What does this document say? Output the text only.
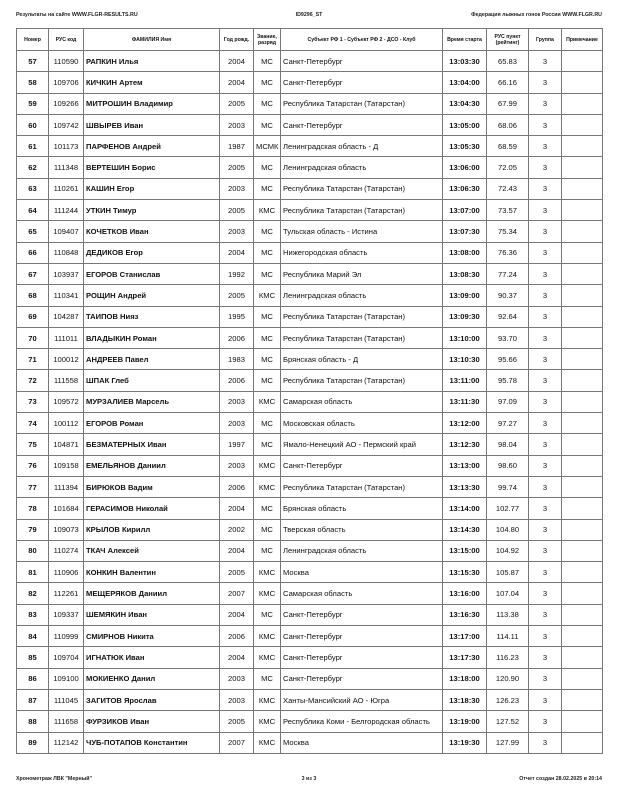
Результаты на сайте WWW.FLGR-RESULTS.RU	ID9296_ST	Федерация лыжных гонок России WWW.FLGR.RU
Номер	РУС код	ФАМИЛИЯ Имя	Год рожд.	Звание, разряд	Субъект РФ 1 - Субъект РФ 2 - ДСО - Клуб	Время старта	РУС пункт (рейтинг)	Группа	Примечание
57	110590	РАПКИН Илья	2004	МС	Санкт-Петербург	13:03:30	65.83	3	
58	109706	КИЧКИН Артем	2004	МС	Санкт-Петербург	13:04:00	66.16	3	
59	109266	МИТРОШИН Владимир	2005	МС	Республика Татарстан (Татарстан)	13:04:30	67.99	3	
60	109742	ШВЫРЕВ Иван	2003	МС	Санкт-Петербург	13:05:00	68.06	3	
61	101173	ПАРФЕНОВ Андрей	1987	МСМК	Ленинградская область - Д	13:05:30	68.59	3	
62	111348	ВЕРТЕШИН Борис	2005	МС	Ленинградская область	13:06:00	72.05	3	
63	110261	КАШИН Егор	2003	МС	Республика Татарстан (Татарстан)	13:06:30	72.43	3	
64	111244	УТКИН Тимур	2005	КМС	Республика Татарстан (Татарстан)	13:07:00	73.57	3	
65	109407	КОЧЕТКОВ Иван	2003	МС	Тульская область - Истина	13:07:30	75.34	3	
66	110848	ДЕДИКОВ Егор	2004	МС	Нижегородская область	13:08:00	76.36	3	
67	103937	ЕГОРОВ Станислав	1992	МС	Республика Марий Эл	13:08:30	77.24	3	
68	110341	РОЩИН Андрей	2005	КМС	Ленинградская область	13:09:00	90.37	3	
69	104287	ТАИПОВ Нияз	1995	МС	Республика Татарстан (Татарстан)	13:09:30	92.64	3	
70	111011	ВЛАДЫКИН Роман	2006	МС	Республика Татарстан (Татарстан)	13:10:00	93.70	3	
71	100012	АНДРЕЕВ Павел	1983	МС	Брянская область - Д	13:10:30	95.66	3	
72	111558	ШПАК Глеб	2006	МС	Республика Татарстан (Татарстан)	13:11:00	95.78	3	
73	109572	МУРЗАЛИЕВ Марсель	2003	КМС	Самарская область	13:11:30	97.09	3	
74	100112	ЕГОРОВ Роман	2003	МС	Московская область	13:12:00	97.27	3	
75	104871	БЕЗМАТЕРНЫХ Иван	1997	МС	Ямало-Ненецкий АО - Пермский край	13:12:30	98.04	3	
76	109158	ЕМЕЛЬЯНОВ Даниил	2003	КМС	Санкт-Петербург	13:13:00	98.60	3	
77	111394	БИРЮКОВ Вадим	2006	КМС	Республика Татарстан (Татарстан)	13:13:30	99.74	3	
78	101684	ГЕРАСИМОВ Николай	2004	МС	Брянская область	13:14:00	102.77	3	
79	109073	КРЫЛОВ Кирилл	2002	МС	Тверская область	13:14:30	104.80	3	
80	110274	ТКАЧ Алексей	2004	МС	Ленинградская область	13:15:00	104.92	3	
81	110906	КОНКИН Валентин	2005	КМС	Москва	13:15:30	105.87	3	
82	112261	МЕЩЕРЯКОВ Даниил	2007	КМС	Самарская область	13:16:00	107.04	3	
83	109337	ШЕМЯКИН Иван	2004	МС	Санкт-Петербург	13:16:30	113.38	3	
84	110999	СМИРНОВ Никита	2006	КМС	Санкт-Петербург	13:17:00	114.11	3	
85	109704	ИГНАТЮК Иван	2004	КМС	Санкт-Петербург	13:17:30	116.23	3	
86	109100	МОКИЕНКО Данил	2003	МС	Санкт-Петербург	13:18:00	120.90	3	
87	111045	ЗАГИТОВ Ярослав	2003	КМС	Ханты-Мансийский АО - Югра	13:18:30	126.23	3	
88	111658	ФУРЗИКОВ Иван	2005	КМС	Республика Коми - Белгородская область	13:19:00	127.52	3	
89	112142	ЧУБ-ПОТАПОВ Константин	2007	КМС	Москва	13:19:30	127.99	3	
Хронометраж ЛВК "Мерный"	3 из 3	Отчет создан 28.02.2025 в 20:14
